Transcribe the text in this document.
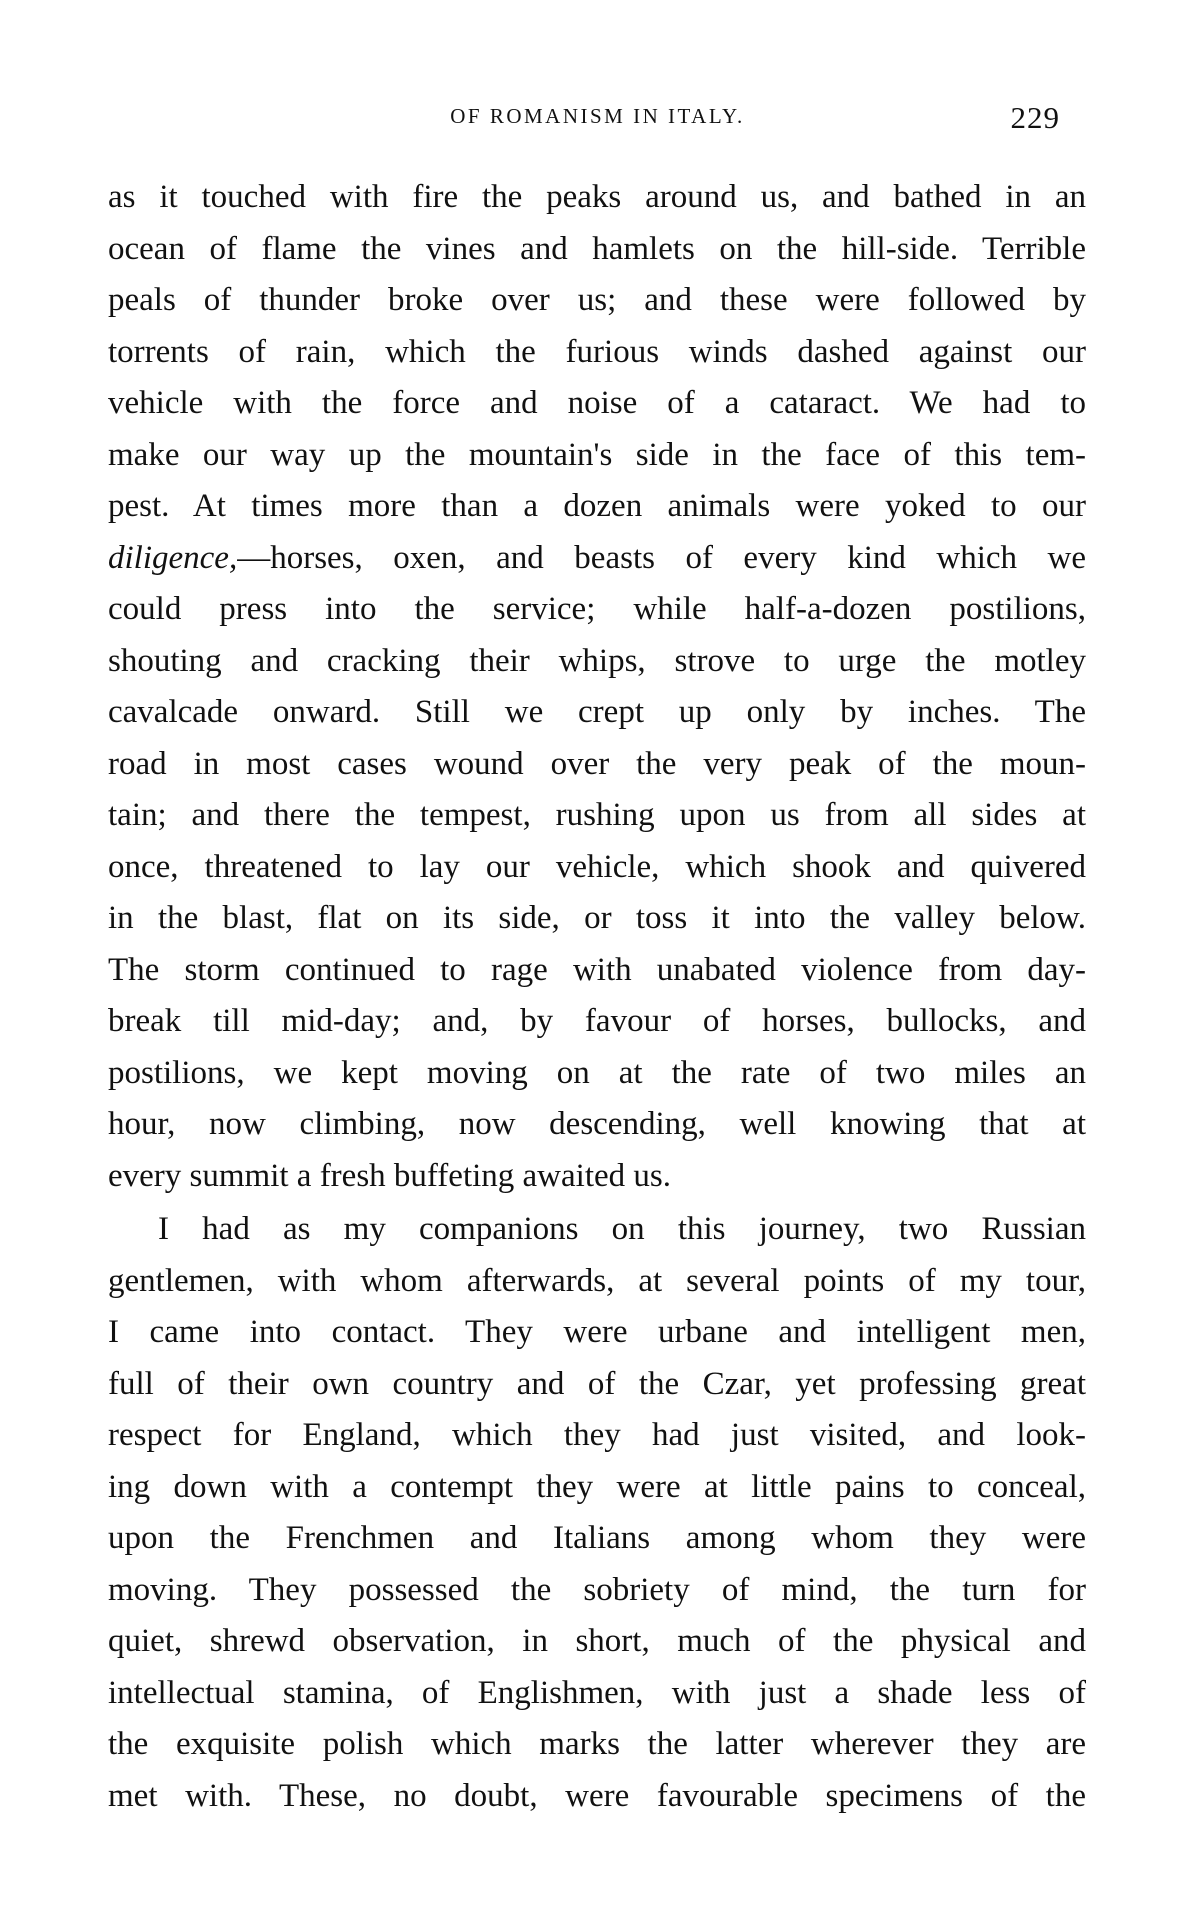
OF ROMANISM IN ITALY.	229
as it touched with fire the peaks around us, and bathed in an
ocean of flame the vines and hamlets on the hill-side. Terrible
peals of thunder broke over us; and these were followed by
torrents of rain, which the furious winds dashed against our
vehicle with the force and noise of a cataract. We had to
make our way up the mountain's side in the face of this tem-
pest. At times more than a dozen animals were yoked to our
diligence,—horses, oxen, and beasts of every kind which we
could press into the service; while half-a-dozen postilions,
shouting and cracking their whips, strove to urge the motley
cavalcade onward. Still we crept up only by inches. The
road in most cases wound over the very peak of the moun-
tain; and there the tempest, rushing upon us from all sides at
once, threatened to lay our vehicle, which shook and quivered
in the blast, flat on its side, or toss it into the valley below.
The storm continued to rage with unabated violence from day-
break till mid-day; and, by favour of horses, bullocks, and
postilions, we kept moving on at the rate of two miles an
hour, now climbing, now descending, well knowing that at
every summit a fresh buffeting awaited us.
I had as my companions on this journey, two Russian
gentlemen, with whom afterwards, at several points of my tour,
I came into contact. They were urbane and intelligent men,
full of their own country and of the Czar, yet professing great
respect for England, which they had just visited, and look-
ing down with a contempt they were at little pains to conceal,
upon the Frenchmen and Italians among whom they were
moving. They possessed the sobriety of mind, the turn for
quiet, shrewd observation, in short, much of the physical and
intellectual stamina, of Englishmen, with just a shade less of
the exquisite polish which marks the latter wherever they are
met with. These, no doubt, were favourable specimens of the
